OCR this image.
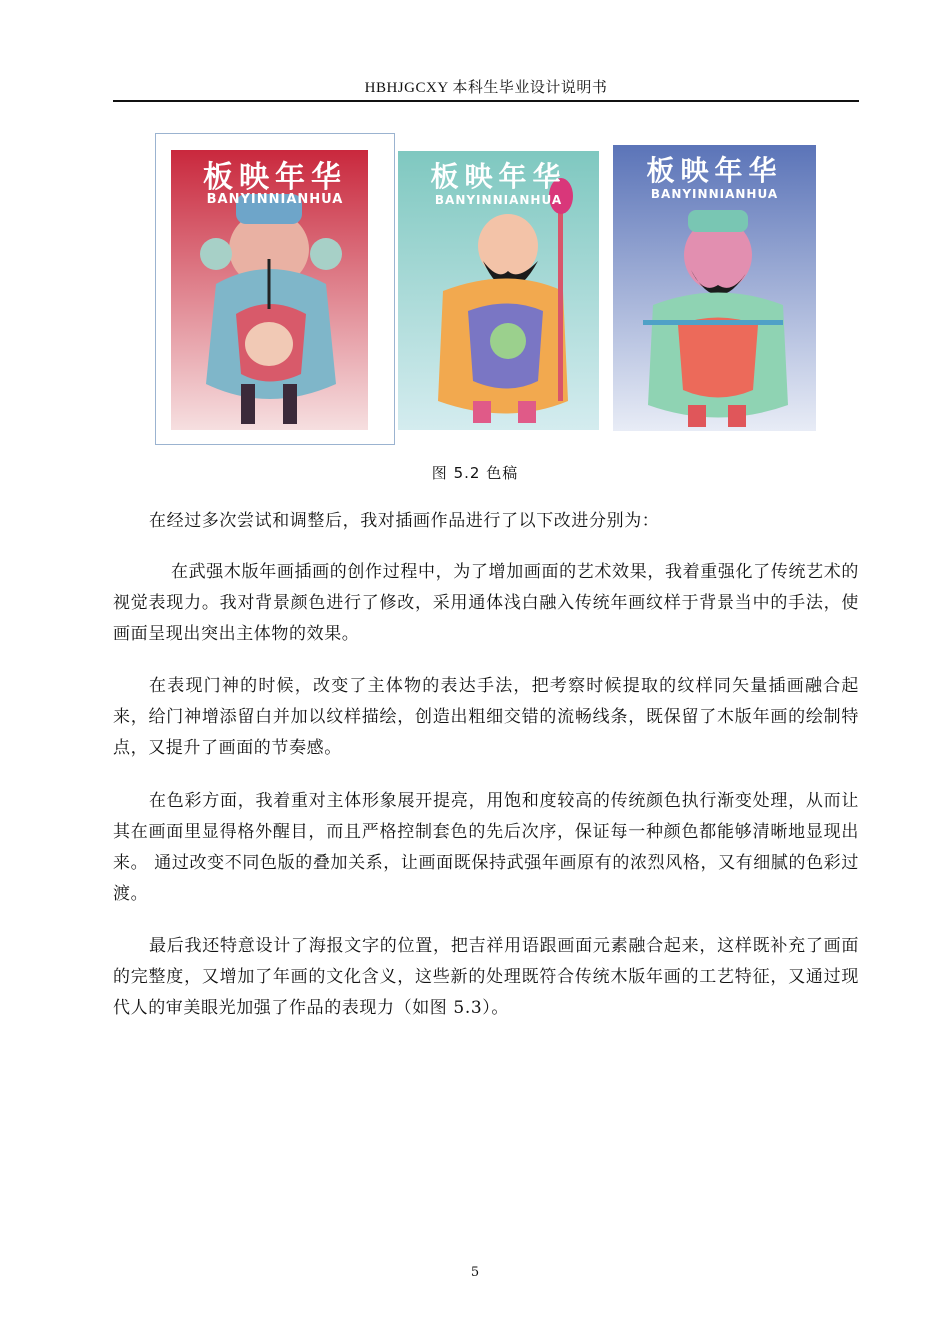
HBHJGCXY 本科生毕业设计说明书
板映年华
BANYINNIANHUA
板映年华
BANYINNIANHUA
板映年华
BANYINNIANHUA
图 5.2 色稿

在经过多次尝试和调整后，我对插画作品进行了以下改进分别为：

在武强木版年画插画的创作过程中，为了增加画面的艺术效果，我着重强化了传统艺术的视觉表现力。我对背景颜色进行了修改，采用通体浅白融入传统年画纹样于背景当中的手法，使画面呈现出突出主体物的效果。

在表现门神的时候，改变了主体物的表达手法，把考察时候提取的纹样同矢量插画融合起来，给门神增添留白并加以纹样描绘，创造出粗细交错的流畅线条，既保留了木版年画的绘制特点，又提升了画面的节奏感。

在色彩方面，我着重对主体形象展开提亮，用饱和度较高的传统颜色执行渐变处理，从而让其在画面里显得格外醒目，而且严格控制套色的先后次序，保证每一种颜色都能够清晰地显现出来。 通过改变不同色版的叠加关系，让画面既保持武强年画原有的浓烈风格，又有细腻的色彩过渡。

最后我还特意设计了海报文字的位置，把吉祥用语跟画面元素融合起来，这样既补充了画面的完整度，又增加了年画的文化含义，这些新的处理既符合传统木版年画的工艺特征，又通过现代人的审美眼光加强了作品的表现力（如图 5.3）。

5
